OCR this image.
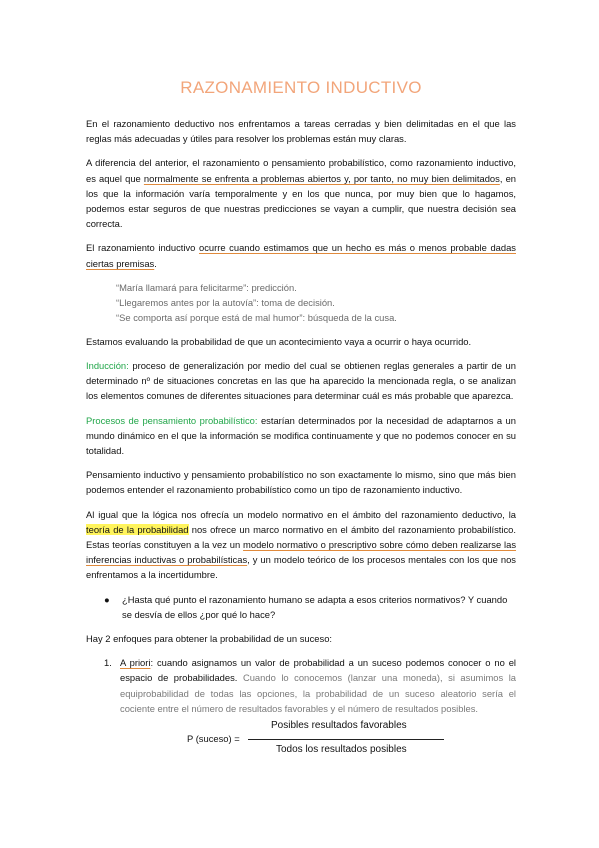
RAZONAMIENTO INDUCTIVO

En el razonamiento deductivo nos enfrentamos a tareas cerradas y bien delimitadas en el que las reglas más adecuadas y útiles para resolver los problemas están muy claras.

A diferencia del anterior, el razonamiento o pensamiento probabilístico, como razonamiento inductivo, es aquel que normalmente se enfrenta a problemas abiertos y, por tanto, no muy bien delimitados, en los que la información varía temporalmente y en los que nunca, por muy bien que lo hagamos, podemos estar seguros de que nuestras predicciones se vayan a cumplir, que nuestra decisión sea correcta.

El razonamiento inductivo ocurre cuando estimamos que un hecho es más o menos probable dadas ciertas premisas.

“María llamará para felicitarme”: predicción.
“Llegaremos antes por la autovía”: toma de decisión.
“Se comporta así porque está de mal humor”: búsqueda de la cusa.

Estamos evaluando la probabilidad de que un acontecimiento vaya a ocurrir o haya ocurrido.

Inducción: proceso de generalización por medio del cual se obtienen reglas generales a partir de un determinado nº de situaciones concretas en las que ha aparecido la mencionada regla, o se analizan los elementos comunes de diferentes situaciones para determinar cuál es más probable que aparezca.

Procesos de pensamiento probabilístico: estarían determinados por la necesidad de adaptarnos a un mundo dinámico en el que la información se modifica continuamente y que no podemos conocer en su totalidad.

Pensamiento inductivo y pensamiento probabilístico no son exactamente lo mismo, sino que más bien podemos entender el razonamiento probabilístico como un tipo de razonamiento inductivo.

Al igual que la lógica nos ofrecía un modelo normativo en el ámbito del razonamiento deductivo, la teoría de la probabilidad nos ofrece un marco normativo en el ámbito del razonamiento probabilístico. Estas teorías constituyen a la vez un modelo normativo o prescriptivo sobre cómo deben realizarse las inferencias inductivas o probabilísticas, y un modelo teórico de los procesos mentales con los que nos enfrentamos a la incertidumbre.

●	¿Hasta qué punto el razonamiento humano se adapta a esos criterios normativos? Y cuando se desvía de ellos ¿por qué lo hace?

Hay 2 enfoques para obtener la probabilidad de un suceso:

1. A priori: cuando asignamos un valor de probabilidad a un suceso podemos conocer o no el espacio de probabilidades. Cuando lo conocemos (lanzar una moneda), si asumimos la equiprobabilidad de todas las opciones, la probabilidad de un suceso aleatorio sería el cociente entre el número de resultados favorables y el número de resultados posibles.
P (suceso) =
Posibles resultados favorables
Todos los resultados posibles
